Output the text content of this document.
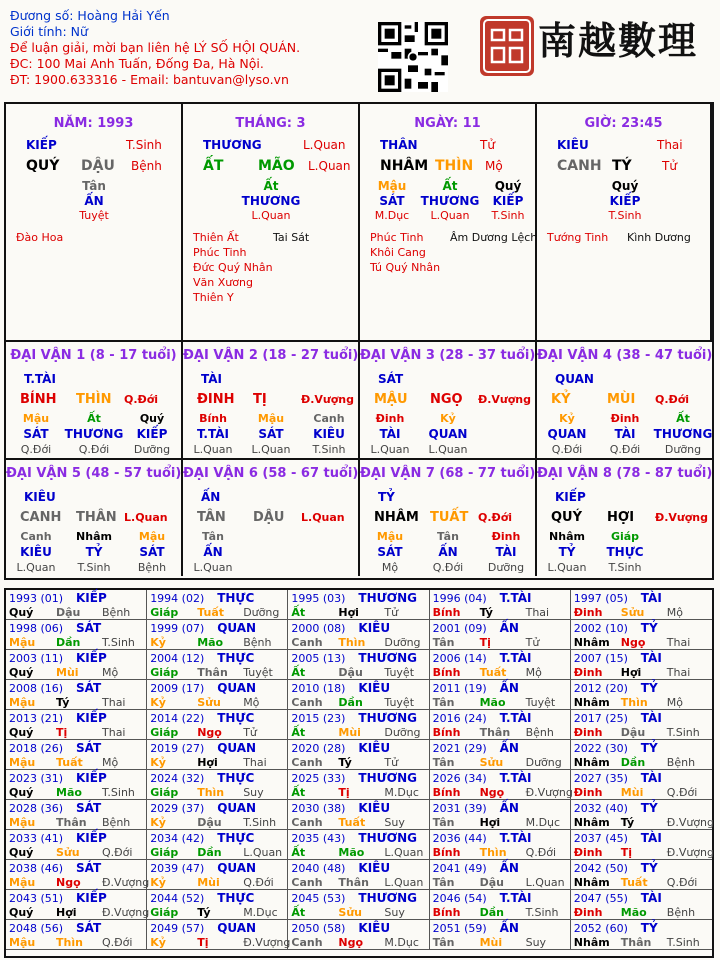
Đương số: Hoàng Hải Yến
Giới tính: Nữ
Để luận giải, mời bạn liên hệ LÝ SỐ HỘI QUÁN.
ĐC: 100 Mai Anh Tuấn, Đống Đa, Hà Nội.
ĐT: 1900.633316 - Email: bantuvan@lyso.vn
南越數理
NĂM: 1993
KIẾP	T.Sinh
QUÝ DẬU Bệnh
Tân
ẤN
Tuyệt
Đào Hoa
THÁNG: 3
THƯƠNG	L.Quan
ẤT MÃO L.Quan
Ất
THƯƠNG
L.Quan
Thiên Ất
Phúc Tinh
Đức Quý Nhân
Văn Xương
Thiên Y
Tai Sát
NGÀY: 11
THÂN	Tử
NHÂM THÌN Mộ
Mậu
SÁT
M.Dục
Ất
THƯƠNG
L.Quan
Quý
KIẾP
T.Sinh
Phúc Tinh
Khôi Cang
Tú Quý Nhân
Âm Dương Lệch
GIỜ: 23:45
KIÊU	Thai
CANH TÝ	Tử
Quý
KIẾP
T.Sinh
Tướng Tinh Kình Dương
ĐẠI VẬN 1 (8 - 17 tuổi)
T.TÀI
BÍNH THÌN Q.Đới
Mậu
SÁT
Q.Đới
Ất
THƯƠNG
Q.Đới
Quý
KIẾP
Dưỡng
ĐẠI VẬN 2 (18 - 27 tuổi)
TÀI
ĐINH TỊ	Đ.Vượng
Bính
T.TÀI
L.Quan
Mậu
SÁT
L.Quan
Canh
KIÊU
T.Sinh
ĐẠI VẬN 3 (28 - 37 tuổi)
SÁT
MẬU NGỌ Đ.Vượng
Đinh
TÀI
L.Quan
Kỷ
QUAN
L.Quan
ĐẠI VẬN 4 (38 - 47 tuổi)
QUAN
KỶ	MÙI Q.Đới
Kỷ
QUAN
Q.Đới
Đinh
TÀI
Q.Đới
Ất
THƯƠNG
Dưỡng
ĐẠI VẬN 5 (48 - 57 tuổi)
KIÊU
CANH THÂN L.Quan
Canh
KIÊU
L.Quan
Nhâm
TỶ
T.Sinh
Mậu
SÁT
Bệnh
ĐẠI VẬN 6 (58 - 67 tuổi)
ẤN
TÂN DẬU L.Quan
Tân
ẤN
L.Quan
ĐẠI VẬN 7 (68 - 77 tuổi)
TỶ
NHÂM TUẤT Q.Đới
Mậu
SÁT
Mộ
Tân
ẤN
Q.Đới
Đinh
TÀI
Dưỡng
ĐẠI VẬN 8 (78 - 87 tuổi)
KIẾP
QUÝ HỢI Đ.Vượng
Nhâm
TỶ
L.Quan
Giáp
THỰC
T.Sinh
1993 (01) KIẾP
Quý Dậu Bệnh
1994 (02) THỰC
Giáp Tuất Dưỡng
1995 (03) THƯƠNG
Ất	Hợi Tử
1996 (04) T.TÀI
Bính Tý	Thai
1997 (05) TÀI
Đinh Sửu Mộ
1998 (06) SÁT
Mậu Dần T.Sinh
1999 (07) QUAN
Kỷ	Mão Bệnh
2000 (08) KIÊU
Canh Thìn Dưỡng
2001 (09) ẤN
Tân Tị	Tử
2002 (10) TỶ
Nhâm Ngọ Thai
2003 (11) KIẾP
Quý Mùi Mộ
2004 (12) THỰC
Giáp Thân Tuyệt
2005 (13) THƯƠNG
Ất	Dậu Tuyệt
2006 (14) T.TÀI
Bính Tuất Mộ
2007 (15) TÀI
Đinh Hợi Thai
2008 (16) SÁT
Mậu Tý	Thai
2009 (17) QUAN
Kỷ	Sửu Mộ
2010 (18) KIÊU
Canh Dần Tuyệt
2011 (19) ẤN
Tân Mão Tuyệt
2012 (20) TỶ
Nhâm Thìn Mộ
2013 (21) KIẾP
Quý Tị	Thai
2014 (22) THỰC
Giáp Ngọ Tử
2015 (23) THƯƠNG
Ất	Mùi Dưỡng
2016 (24) T.TÀI
Bính Thân Bệnh
2017 (25) TÀI
Đinh Dậu T.Sinh
2018 (26) SÁT
Mậu Tuất Mộ
2019 (27) QUAN
Kỷ	Hợi Thai
2020 (28) KIÊU
Canh Tý	Tử
2021 (29) ẤN
Tân Sửu Dưỡng
2022 (30) TỶ
Nhâm Dần Bệnh
2023 (31) KIẾP
Quý Mão T.Sinh
2024 (32) THỰC
Giáp Thìn Suy
2025 (33) THƯƠNG
Ất	Tị	M.Dục
2026 (34) T.TÀI
Bính Ngọ Đ.Vượng
2027 (35) TÀI
Đinh Mùi Q.Đới
2028 (36) SÁT
Mậu Thân Bệnh
2029 (37) QUAN
Kỷ	Dậu T.Sinh
2030 (38) KIÊU
Canh Tuất Suy
2031 (39) ẤN
Tân Hợi M.Dục
2032 (40) TỶ
Nhâm Tý	Đ.Vượng
2033 (41) KIẾP
Quý Sửu Q.Đới
2034 (42) THỰC
Giáp Dần L.Quan
2035 (43) THƯƠNG
Ất	Mão L.Quan
2036 (44) T.TÀI
Bính Thìn Q.Đới
2037 (45) TÀI
Đinh Tị	Đ.Vượng
2038 (46) SÁT
Mậu Ngọ Đ.Vượng
2039 (47) QUAN
Kỷ	Mùi Q.Đới
2040 (48) KIÊU
Canh Thân L.Quan
2041 (49) ẤN
Tân Dậu L.Quan
2042 (50) TỶ
Nhâm Tuất Q.Đới
2043 (51) KIẾP
Quý Hợi Đ.Vượng
2044 (52) THỰC
Giáp Tý	M.Dục
2045 (53) THƯƠNG
Ất	Sửu Suy
2046 (54) T.TÀI
Bính Dần T.Sinh
2047 (55) TÀI
Đinh Mão Bệnh
2048 (56) SÁT
Mậu Thìn Q.Đới
2049 (57) QUAN
Kỷ	Tị	Đ.Vượng
2050 (58) KIÊU
Canh Ngọ M.Dục
2051 (59) ẤN
Tân Mùi Suy
2052 (60) TỶ
Nhâm Thân T.Sinh
